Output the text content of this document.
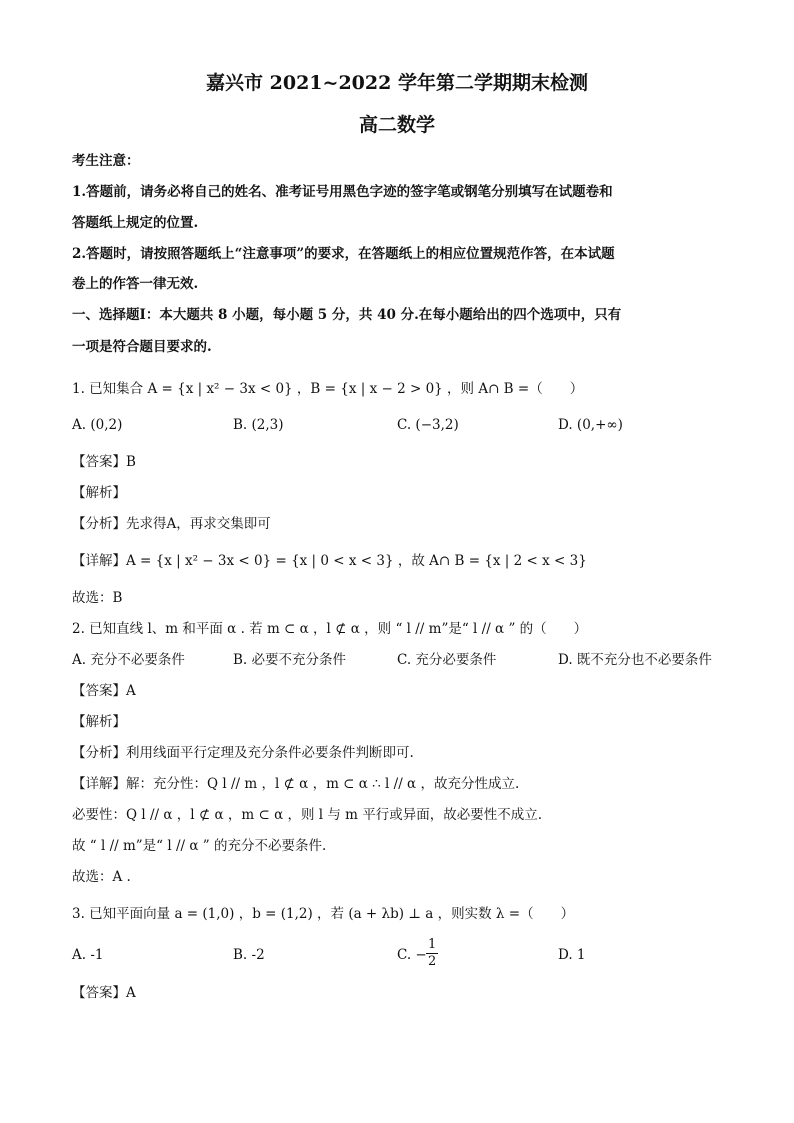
嘉兴市 2021~2022 学年第二学期期末检测
高二数学
考生注意：
1.答题前，请务必将自己的姓名、准考证号用黑色字迹的签字笔或钢笔分别填写在试题卷和
答题纸上规定的位置.
2.答题时，请按照答题纸上“注意事项”的要求，在答题纸上的相应位置规范作答，在本试题
卷上的作答一律无效.
一、选择题Ⅰ：本大题共 8 小题，每小题 5 分，共 40 分.在每小题给出的四个选项中，只有
一项是符合题目要求的.
1. 已知集合 A = {x | x² − 3x < 0} ，B = {x | x − 2 > 0} ，则 A∩ B =（　　）
A. (0,2)	B. (2,3)	C. (−3,2)	D. (0,+∞)
【答案】B
【解析】
【分析】先求得A，再求交集即可
【详解】A = {x | x² − 3x < 0} = {x | 0 < x < 3} ，故 A∩ B = {x | 2 < x < 3}
故选：B
2. 已知直线 l、m 和平面 α . 若 m ⊂ α ，l ⊄ α ，则 “ l // m”是“ l // α ” 的（　　）
A. 充分不必要条件	B. 必要不充分条件	C. 充分必要条件	D. 既不充分也不必要条件
【答案】A
【解析】
【分析】利用线面平行定理及充分条件必要条件判断即可.
【详解】解：充分性：Q l // m ，l ⊄ α ，m ⊂ α ∴ l // α ，故充分性成立.
必要性：Q l // α ，l ⊄ α ，m ⊂ α ，则 l 与 m 平行或异面，故必要性不成立.
故 “ l // m”是“ l // α ” 的充分不必要条件.
故选：A .
3. 已知平面向量 a = (1,0) ，b = (1,2) ，若 (a + λb) ⊥ a ，则实数 λ =（　　）
A. -1	B. -2	C. − $\frac{1}{2}$	D. 1
【答案】A
